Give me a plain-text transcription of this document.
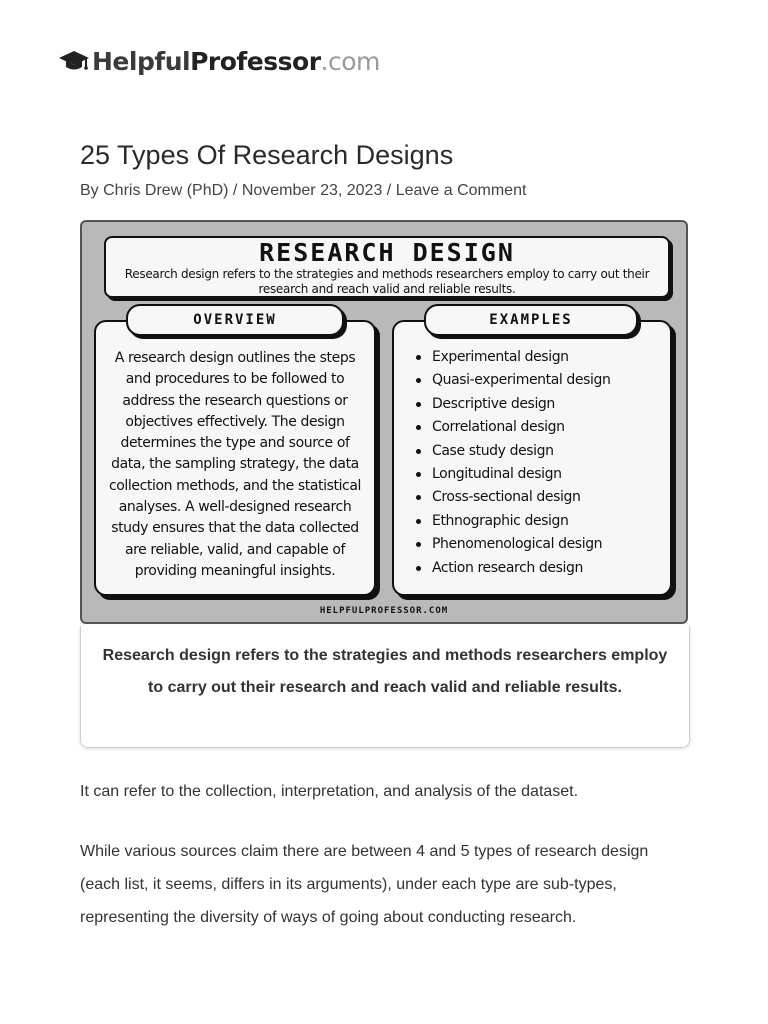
HelpfulProfessor.com
25 Types Of Research Designs
By Chris Drew (PhD) / November 23, 2023 / Leave a Comment
RESEARCH DESIGN
Research design refers to the strategies and methods researchers employ to carry out their research and reach valid and reliable results.
A research design outlines the steps and procedures to be followed to address the research questions or objectives effectively. The design determines the type and source of data, the sampling strategy, the data collection methods, and the statistical analyses. A well-designed research study ensures that the data collected are reliable, valid, and capable of providing meaningful insights.
OVERVIEW
Experimental design
Quasi-experimental design
Descriptive design
Correlational design
Case study design
Longitudinal design
Cross-sectional design
Ethnographic design
Phenomenological design
Action research design
EXAMPLES
HELPFULPROFESSOR.COM
Research design refers to the strategies and methods researchers employ to carry out their research and reach valid and reliable results.

It can refer to the collection, interpretation, and analysis of the dataset.

While various sources claim there are between 4 and 5 types of research design (each list, it seems, differs in its arguments), under each type are sub-types, representing the diversity of ways of going about conducting research.
